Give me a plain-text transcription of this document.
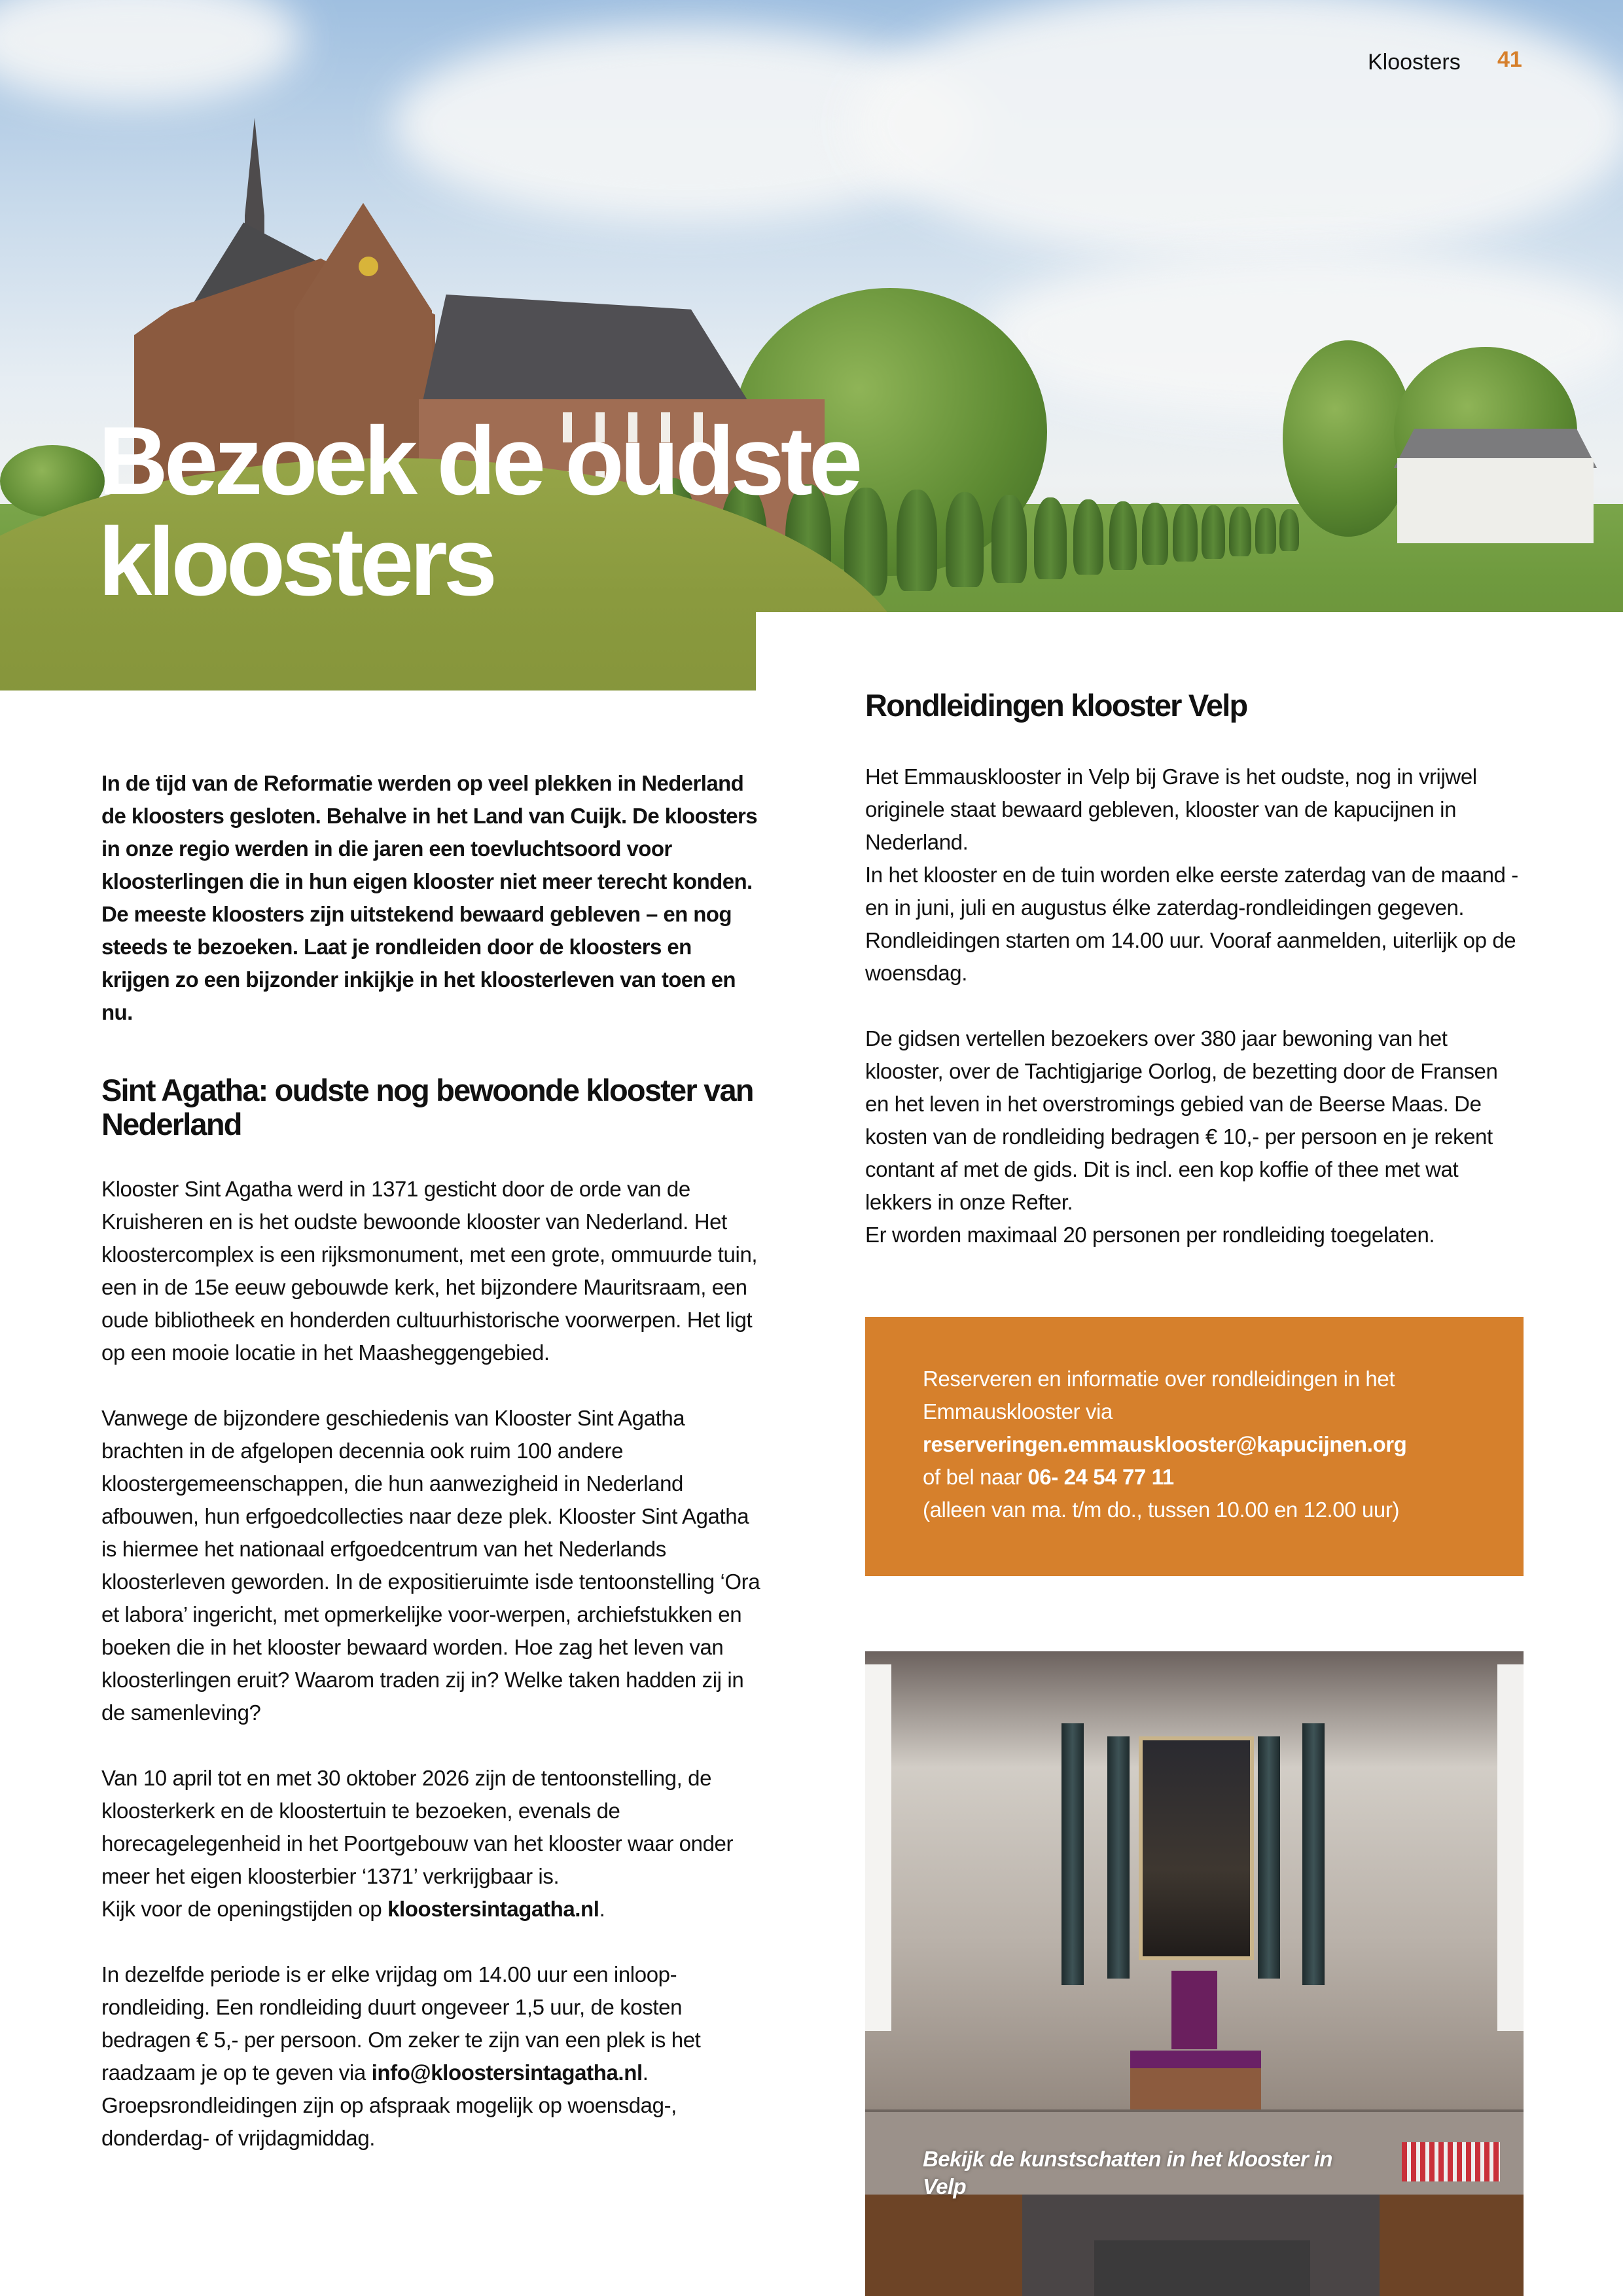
Kloosters 41
Bezoek de oudste kloosters

In de tijd van de Reformatie werden op veel plekken in Nederland de kloosters gesloten. Behalve in het Land van Cuijk. De kloosters in onze regio werden in die jaren een toevluchtsoord voor kloosterlingen die in hun eigen klooster niet meer terecht konden.

De meeste kloosters zijn uitstekend bewaard gebleven – en nog steeds te bezoeken. Laat je rondleiden door de kloosters en krijgen zo een bijzonder inkijkje in het kloosterleven van toen en nu.

Sint Agatha: oudste nog bewoonde klooster van Nederland

Klooster Sint Agatha werd in 1371 gesticht door de orde van de Kruisheren en is het oudste bewoonde klooster van Nederland. Het kloostercomplex is een rijksmonument, met een grote, ommuurde tuin, een in de 15e eeuw gebouwde kerk, het bijzondere Mauritsraam, een oude bibliotheek en honderden cultuurhistorische voorwerpen. Het ligt op een mooie locatie in het Maasheggengebied.

Vanwege de bijzondere geschiedenis van Klooster Sint Agatha brachten in de afgelopen decennia ook ruim 100 andere kloostergemeenschappen, die hun aanwezigheid in Nederland afbouwen, hun erfgoedcollecties naar deze plek. Klooster Sint Agatha is hiermee het nationaal erfgoedcentrum van het Nederlands kloosterleven geworden. In de expositieruimte isde tentoonstelling ‘Ora et labora’ ingericht, met opmerkelijke voor-werpen, archiefstukken en boeken die in het klooster bewaard worden. Hoe zag het leven van kloosterlingen eruit? Waarom traden zij in? Welke taken hadden zij in de samenleving?

Van 10 april tot en met 30 oktober 2026 zijn de tentoonstelling, de kloosterkerk en de kloostertuin te bezoeken, evenals de horecagelegenheid in het Poortgebouw van het klooster waar onder meer het eigen kloosterbier ‘1371’ verkrijgbaar is.
Kijk voor de openingstijden op kloostersintagatha.nl.

In dezelfde periode is er elke vrijdag om 14.00 uur een inloop-rondleiding. Een rondleiding duurt ongeveer 1,5 uur, de kosten bedragen € 5,- per persoon. Om zeker te zijn van een plek is het raadzaam je op te geven via info@kloostersintagatha.nl.
Groepsrondleidingen zijn op afspraak mogelijk op woensdag-, donderdag- of vrijdagmiddag.

Rondleidingen klooster Velp

Het Emmausklooster in Velp bij Grave is het oudste, nog in vrijwel originele staat bewaard gebleven, klooster van de kapucijnen in Nederland.
In het klooster en de tuin worden elke eerste zaterdag van de maand -en in juni, juli en augustus élke zaterdag-rondleidingen gegeven. Rondleidingen starten om 14.00 uur. Vooraf aanmelden, uiterlijk op de woensdag.

De gidsen vertellen bezoekers over 380 jaar bewoning van het klooster, over de Tachtigjarige Oorlog, de bezetting door de Fransen en het leven in het overstromings gebied van de Beerse Maas. De kosten van de rondleiding bedragen € 10,- per persoon en je rekent contant af met de gids. Dit is incl. een kop koffie of thee met wat lekkers in onze Refter.
Er worden maximaal 20 personen per rondleiding toegelaten.

Reserveren en informatie over rondleidingen in het Emmausklooster via

reserveringen.emmausklooster@kapucijnen.org

of bel naar 06- 24 54 77 11

(alleen van ma. t/m do., tussen 10.00 en 12.00 uur)

Bekijk de kunstschatten in het klooster in Velp
